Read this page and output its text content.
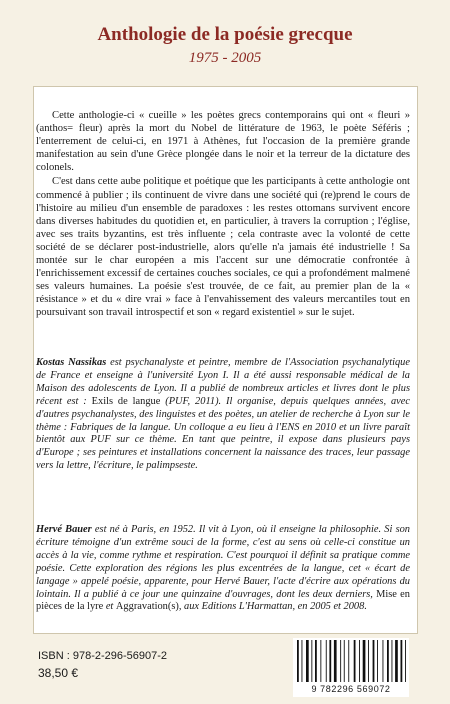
Anthologie de la poésie grecque
1975 - 2005

Cette anthologie-ci « cueille » les poètes grecs contemporains qui ont « fleuri » (anthos= fleur) après la mort du Nobel de littérature de 1963, le poète Séféris ; l'enterrement de celui-ci, en 1971 à Athènes, fut l'occasion de la première grande manifestation au sein d'une Grèce plongée dans le noir et la terreur de la dictature des colonels.

C'est dans cette aube politique et poétique que les participants à cette anthologie ont commencé à publier ; ils continuent de vivre dans une société qui (re)prend le cours de l'histoire au milieu d'un ensemble de paradoxes : les restes ottomans survivent encore dans diverses habitudes du quotidien et, en particulier, à travers la corruption ; l'église, avec ses traits byzantins, est très influente ; cela contraste avec la volonté de cette société de se déclarer post-industrielle, alors qu'elle n'a jamais été industrielle ! Sa montée sur le char européen a mis l'accent sur une démocratie confrontée à l'enrichissement excessif de certaines couches sociales, ce qui a profondément malmené ses valeurs humaines. La poésie s'est trouvée, de ce fait, au premier plan de la « résistance » et du « dire vrai » face à l'envahissement des valeurs mercantiles tout en poursuivant son travail introspectif et son « regard existentiel » sur le sujet.

Kostas Nassikas est psychanalyste et peintre, membre de l'Association psychanalytique de France et enseigne à l'université Lyon I. Il a été aussi responsable médical de la Maison des adolescents de Lyon. Il a publié de nombreux articles et livres dont le plus récent est : Exils de langue (PUF, 2011). Il organise, depuis quelques années, avec d'autres psychanalystes, des linguistes et des poètes, un atelier de recherche à Lyon sur le thème : Fabriques de la langue. Un colloque a eu lieu à l'ENS en 2010 et un livre paraît bientôt aux PUF sur ce thème. En tant que peintre, il expose dans plusieurs pays d'Europe ; ses peintures et installations concernent la naissance des traces, leur passage vers la lettre, l'écriture, le palimpseste.

Hervé Bauer est né à Paris, en 1952. Il vit à Lyon, où il enseigne la philosophie. Si son écriture témoigne d'un extrême souci de la forme, c'est au sens où celle-ci constitue un accès à la vie, comme rythme et respiration. C'est pourquoi il définit sa pratique comme poésie. Cette exploration des régions les plus excentrées de la langue, cet « écart de langage » appelé poésie, apparente, pour Hervé Bauer, l'acte d'écrire aux opérations du lointain. Il a publié à ce jour une quinzaine d'ouvrages, dont les deux derniers, Mise en pièces de la lyre et Aggravation(s), aux Editions L'Harmattan, en 2005 et 2008.

ISBN : 978-2-296-56907-2
38,50 €
9 782296 569072
